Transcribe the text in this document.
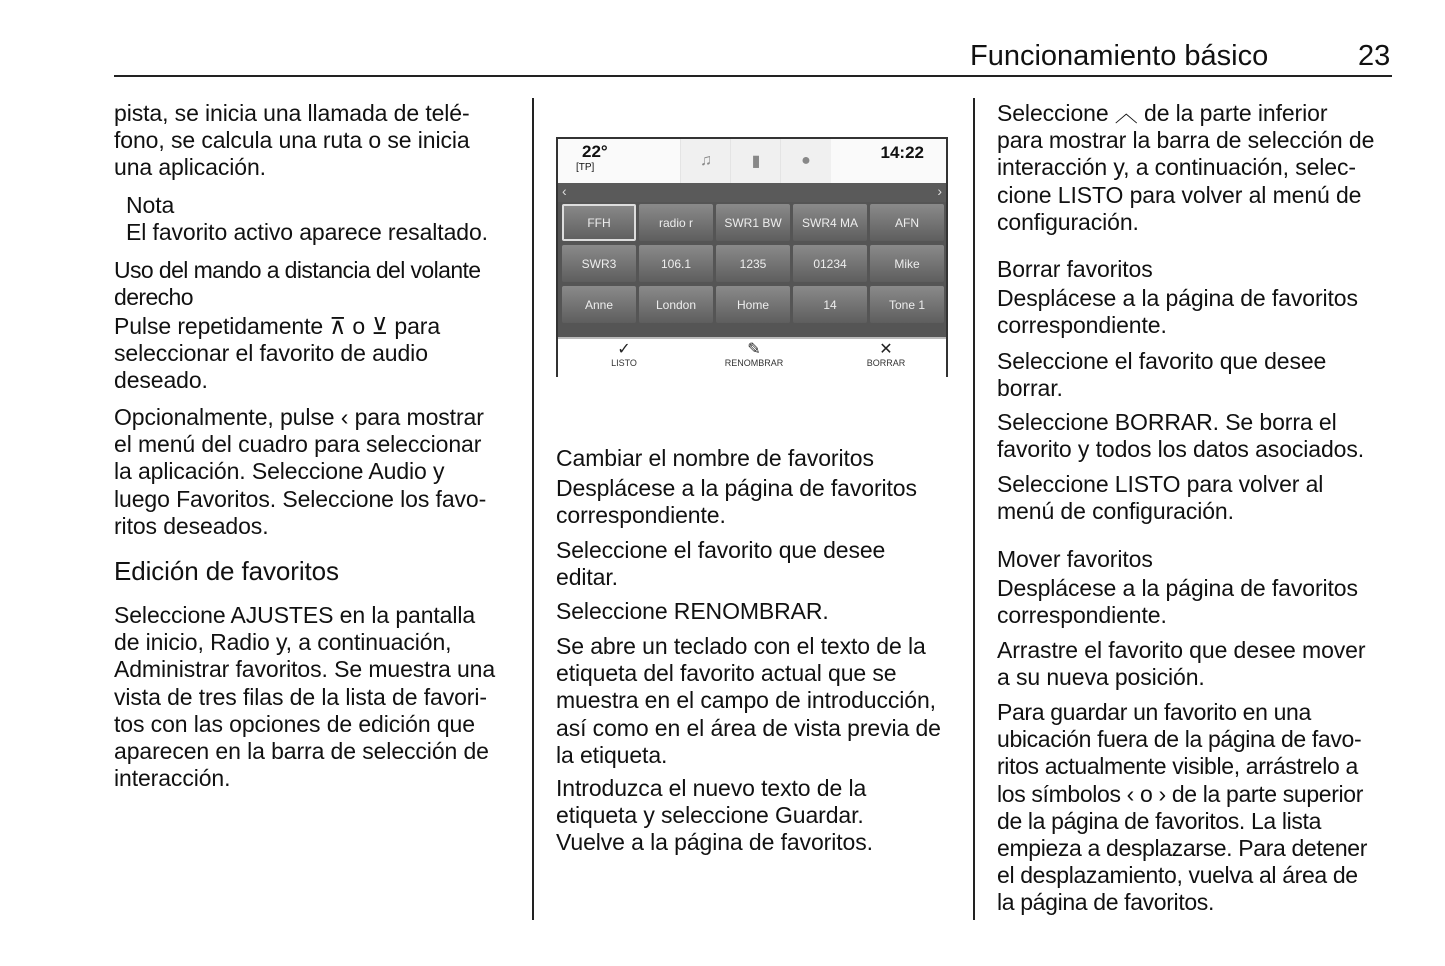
Funcionamiento básico	23
pista, se inicia una llamada de telé-
fono, se calcula una ruta o se inicia
una aplicación.
Nota
El favorito activo aparece resaltado.
Uso del mando a distancia del volante
derecho
Pulse repetidamente ⊼ o ⊻ para
seleccionar el favorito de audio
deseado.
Opcionalmente, pulse ‹ para mostrar
el menú del cuadro para seleccionar
la aplicación. Seleccione Audio y
luego Favoritos. Seleccione los favo-
ritos deseados.
Edición de favoritos
Seleccione AJUSTES en la pantalla
de inicio, Radio y, a continuación,
Administrar favoritos. Se muestra una
vista de tres filas de la lista de favori-
tos con las opciones de edición que
aparecen en la barra de selección de
interacción.
22°
[TP]	♫	▮	●	14:22
‹	›
FFH	radio r	SWR1 BW	SWR4 MA	AFN
SWR3	106.1	1235	01234	Mike
Anne	London	Home	14	Tone 1
✓
LISTO
✎
RENOMBRAR
✕
BORRAR
Cambiar el nombre de favoritos
Desplácese a la página de favoritos
correspondiente.
Seleccione el favorito que desee
editar.
Seleccione RENOMBRAR.
Se abre un teclado con el texto de la
etiqueta del favorito actual que se
muestra en el campo de introducción,
así como en el área de vista previa de
la etiqueta.
Introduzca el nuevo texto de la
etiqueta y seleccione Guardar.
Vuelve a la página de favoritos.
Seleccione ︿ de la parte inferior
para mostrar la barra de selección de
interacción y, a continuación, selec-
cione LISTO para volver al menú de
configuración.
Borrar favoritos
Desplácese a la página de favoritos
correspondiente.
Seleccione el favorito que desee
borrar.
Seleccione BORRAR. Se borra el
favorito y todos los datos asociados.
Seleccione LISTO para volver al
menú de configuración.
Mover favoritos
Desplácese a la página de favoritos
correspondiente.
Arrastre el favorito que desee mover
a su nueva posición.
Para guardar un favorito en una
ubicación fuera de la página de favo-
ritos actualmente visible, arrástrelo a
los símbolos ‹ o › de la parte superior
de la página de favoritos. La lista
empieza a desplazarse. Para detener
el desplazamiento, vuelva al área de
la página de favoritos.
